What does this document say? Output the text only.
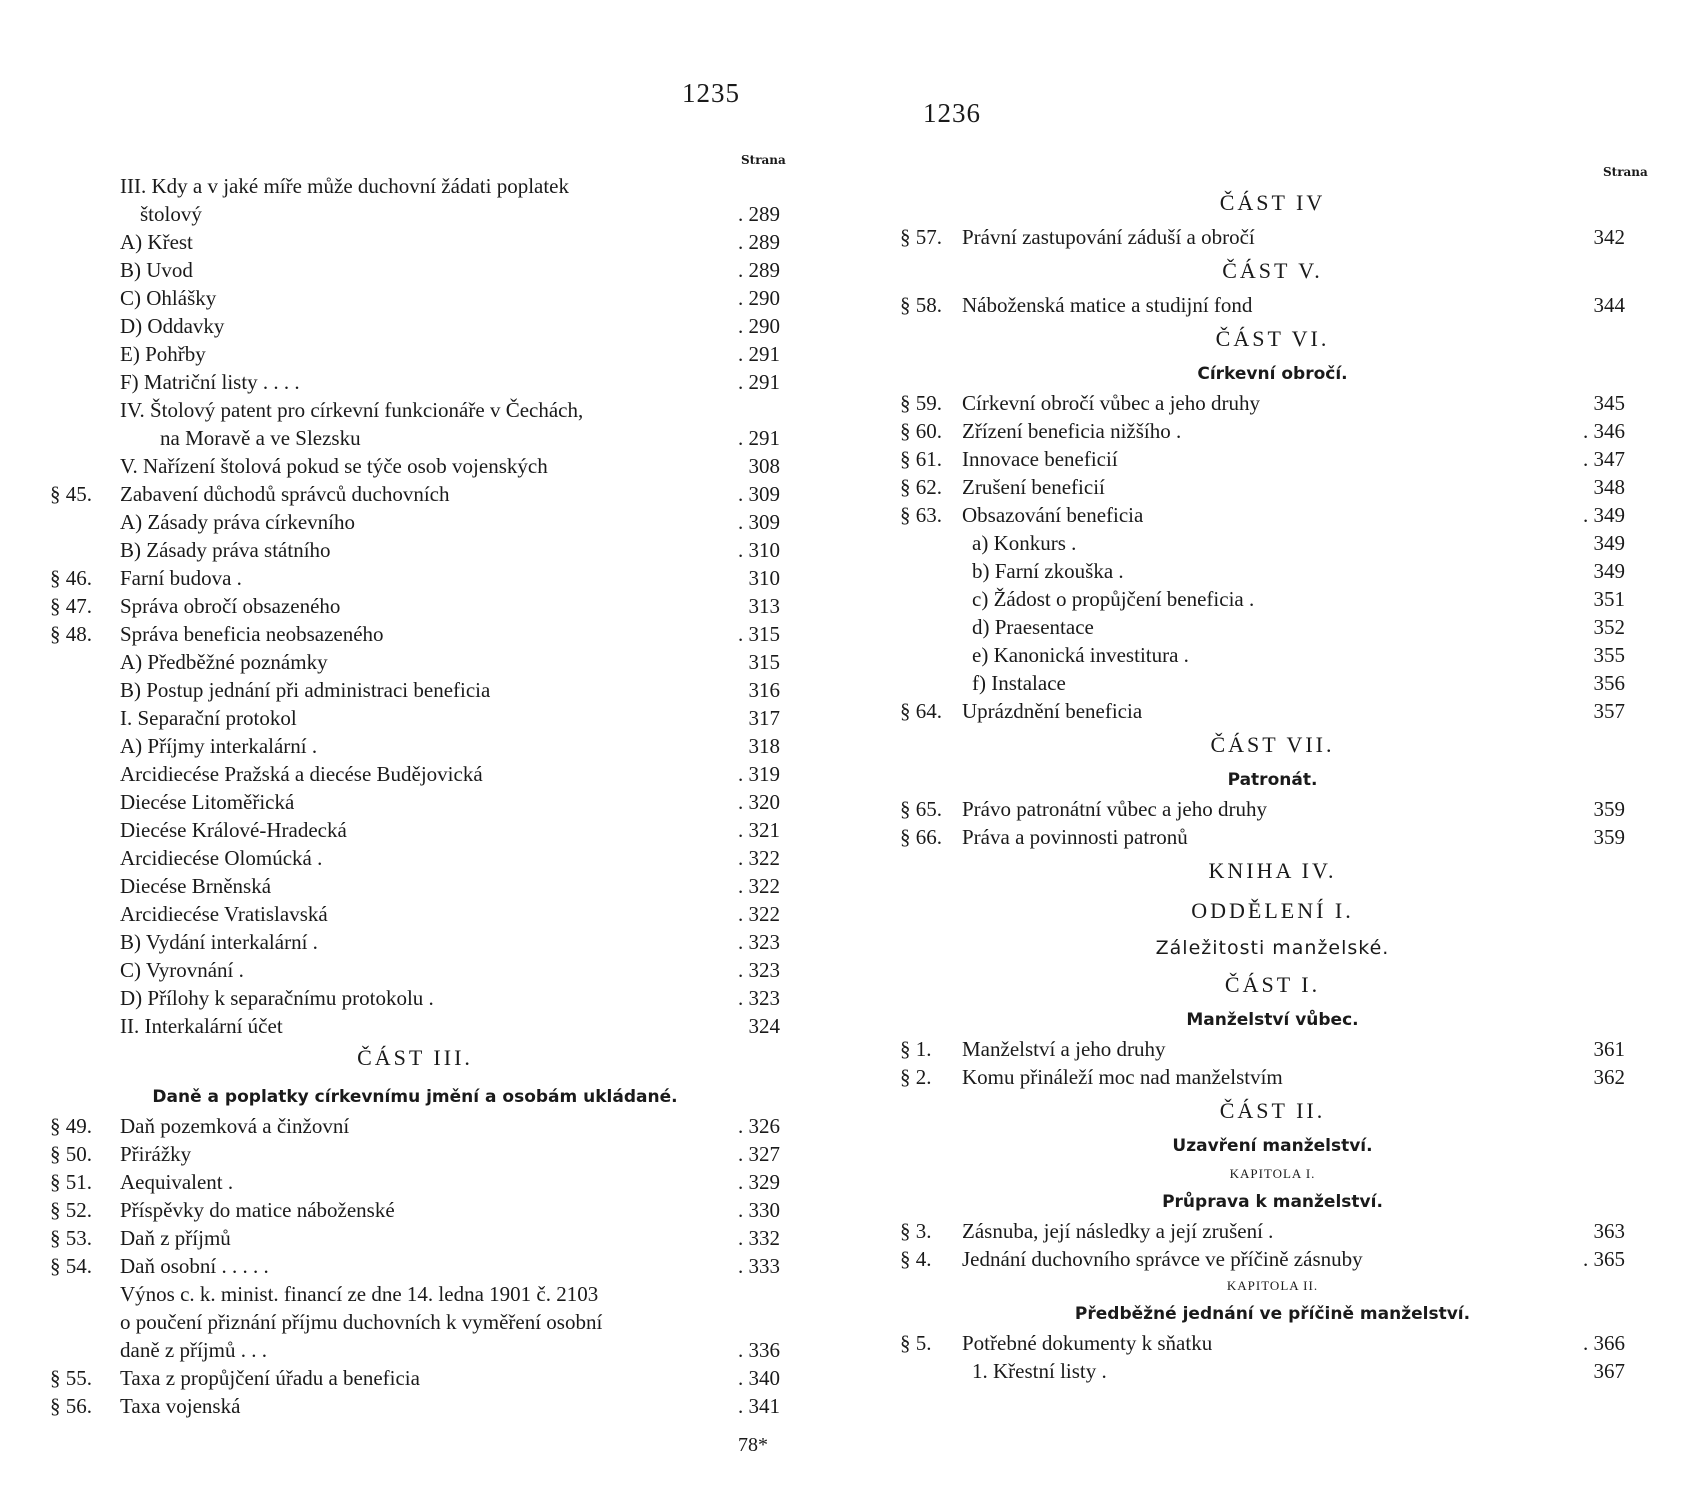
1235
Strana
III. Kdy a v jaké míře může duchovní žádati poplatek
štolový	. 289
A) Křest	. 289
B) Uvod	. 289
C) Ohlášky	. 290
D) Oddavky	. 290
E) Pohřby	. 291
F) Matriční listy . . . .	. 291
IV. Štolový patent pro církevní funkcionáře v Čechách,
na Moravě a ve Slezsku	. 291
V. Nařízení štolová pokud se týče osob vojenských	308
§ 45. Zabavení důchodů správců duchovních	. 309
A) Zásady práva církevního	. 309
B) Zásady práva státního	. 310
§ 46. Farní budova .	310
§ 47. Správa obročí obsazeného	313
§ 48. Správa beneficia neobsazeného	. 315
A) Předběžné poznámky	315
B) Postup jednání při administraci beneficia	316
I. Separační protokol	317
A) Příjmy interkalární .	318
Arcidiecése Pražská a diecése Budějovická	. 319
Diecése Litoměřická	. 320
Diecése Králové-Hradecká	. 321
Arcidiecése Olomúcká .	. 322
Diecése Brněnská	. 322
Arcidiecése Vratislavská	. 322
B) Vydání interkalární .	. 323
C) Vyrovnání .	. 323
D) Přílohy k separačnímu protokolu .	. 323
II. Interkalární účet	324
ČÁST III.
Daně a poplatky církevnímu jmění a osobám ukládané.
§ 49. Daň pozemková a činžovní	. 326
§ 50. Přirážky	. 327
§ 51. Aequivalent .	. 329
§ 52. Příspěvky do matice náboženské	. 330
§ 53. Daň z příjmů	. 332
§ 54. Daň osobní . . . . .	. 333
Výnos c. k. minist. financí ze dne 14. ledna 1901 č. 2103
o poučení přiznání příjmu duchovních k vyměření osobní
daně z příjmů . . .	. 336
§ 55. Taxa z propůjčení úřadu a beneficia	. 340
§ 56. Taxa vojenská	. 341
78*
1236
Strana
ČÁST IV
§ 57. Právní zastupování záduší a obročí	342
ČÁST V.
§ 58. Náboženská matice a studijní fond	344
ČÁST VI.
Církevní obročí.
§ 59. Církevní obročí vůbec a jeho druhy	345
§ 60. Zřízení beneficia nižšího .	. 346
§ 61. Innovace beneficií	. 347
§ 62. Zrušení beneficií	348
§ 63. Obsazování beneficia	. 349
a) Konkurs .	349
b) Farní zkouška .	349
c) Žádost o propůjčení beneficia .	351
d) Praesentace	352
e) Kanonická investitura .	355
f) Instalace	356
§ 64. Uprázdnění beneficia	357
ČÁST VII.
Patronát.
§ 65. Právo patronátní vůbec a jeho druhy	359
§ 66. Práva a povinnosti patronů	359
KNIHA IV.
ODDĚLENÍ I.
Záležitosti manželské.
ČÁST I.
Manželství vůbec.
§ 1. Manželství a jeho druhy	361
§ 2. Komu přináleží moc nad manželstvím	362
ČÁST II.
Uzavření manželství.
KAPITOLA I.
Průprava k manželství.
§ 3. Zásnuba, její následky a její zrušení .	363
§ 4. Jednání duchovního správce ve příčině zásnuby	. 365
KAPITOLA II.
Předběžné jednání ve příčině manželství.
§ 5. Potřebné dokumenty k sňatku	. 366
1. Křestní listy .	367
